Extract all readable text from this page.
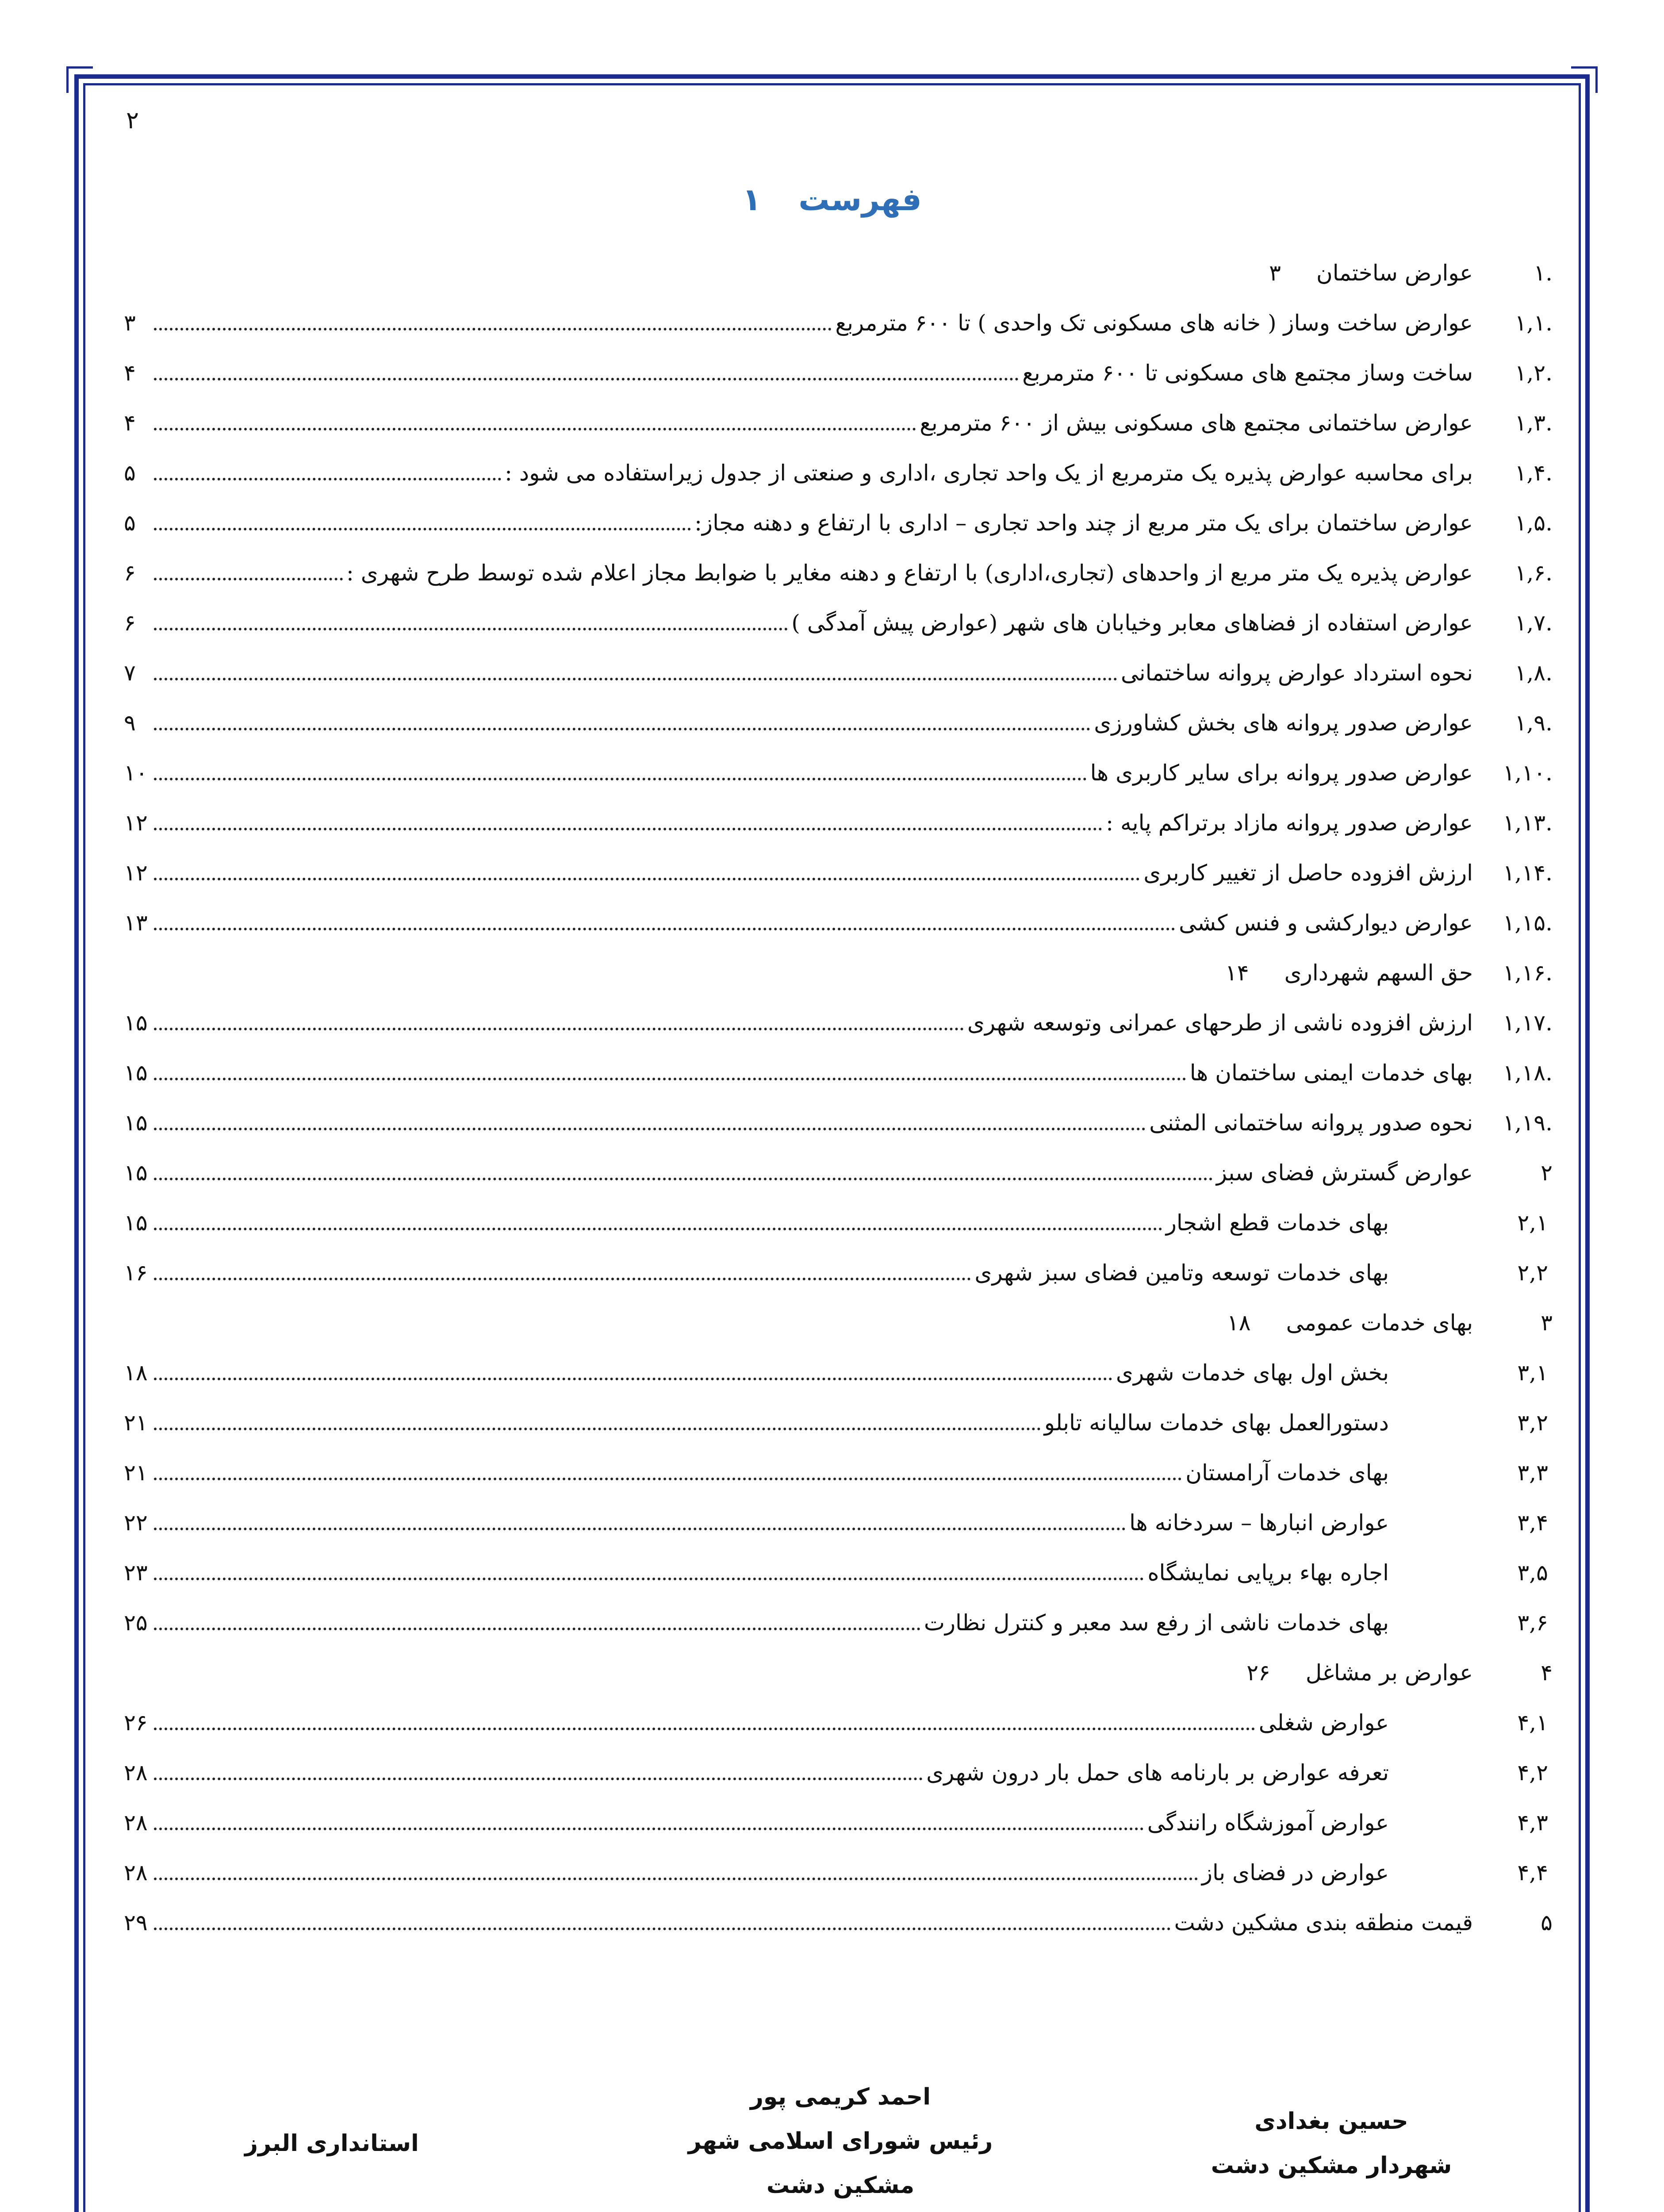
۲
فهرست ۱
.۱
عوارض ساختمان
۳
.۱,۱
عوارض ساخت وساز ( خانه های مسکونی تک واحدی ) تا ۶۰۰ مترمربع
۳
.۱,۲
ساخت وساز مجتمع های مسکونی تا ۶۰۰ مترمربع
۴
.۱,۳
عوارض ساختمانی مجتمع های مسکونی بیش از ۶۰۰ مترمربع
۴
.۱,۴
برای محاسبه عوارض پذیره یک مترمربع از یک واحد تجاری ،اداری و صنعتی از جدول زیراستفاده می شود :
۵
.۱,۵
عوارض ساختمان برای یک متر مربع از چند واحد تجاری – اداری با ارتفاع و دهنه مجاز:
۵
.۱,۶
عوارض پذیره یک متر مربع از واحدهای (تجاری،اداری) با ارتفاع و دهنه مغایر با ضوابط مجاز اعلام شده توسط طرح شهری :
۶
.۱,۷
عوارض استفاده از فضاهای معابر وخیابان های شهر (عوارض پیش آمدگی )
۶
.۱,۸
نحوه استرداد عوارض پروانه ساختمانی
۷
.۱,۹
عوارض صدور پروانه های بخش کشاورزی
۹
.۱,۱۰
عوارض صدور پروانه برای سایر کاربری ها
۱۰
.۱,۱۳
عوارض صدور پروانه مازاد برتراکم پایه :
۱۲
.۱,۱۴
ارزش افزوده حاصل از تغییر کاربری
۱۲
.۱,۱۵
عوارض دیوارکشی و فنس کشی
۱۳
.۱,۱۶
حق السهم شهرداری
۱۴
.۱,۱۷
ارزش افزوده ناشی از طرحهای عمرانی وتوسعه شهری
۱۵
.۱,۱۸
بهای خدمات ایمنی ساختمان ها
۱۵
.۱,۱۹
نحوه صدور پروانه ساختمانی المثنی
۱۵
۲
عوارض گسترش فضای سبز
۱۵
۲,۱
بهای خدمات قطع اشجار
۱۵
۲,۲
بهای خدمات توسعه وتامین فضای سبز شهری
۱۶
۳
بهای خدمات عمومی
۱۸
۳,۱
بخش اول بهای خدمات شهری
۱۸
۳,۲
دستورالعمل بهای خدمات سالیانه تابلو
۲۱
۳,۳
بهای خدمات آرامستان
۲۱
۳,۴
عوارض انبارها – سردخانه ها
۲۲
۳,۵
اجاره بهاء برپایی نمایشگاه
۲۳
۳,۶
بهای خدمات ناشی از رفع سد معبر و کنترل نظارت
۲۵
۴
عوارض بر مشاغل
۲۶
۴,۱
عوارض شغلی
۲۶
۴,۲
تعرفه عوارض بر بارنامه های حمل بار درون شهری
۲۸
۴,۳
عوارض آموزشگاه رانندگی
۲۸
۴,۴
عوارض در فضای باز
۲۸
۵
قیمت منطقه بندی مشکین دشت
۲۹
حسین بغدادی
شهردار مشکین دشت
احمد کریمی پور
رئیس شورای اسلامی شهر
مشکین دشت
استانداری البرز
